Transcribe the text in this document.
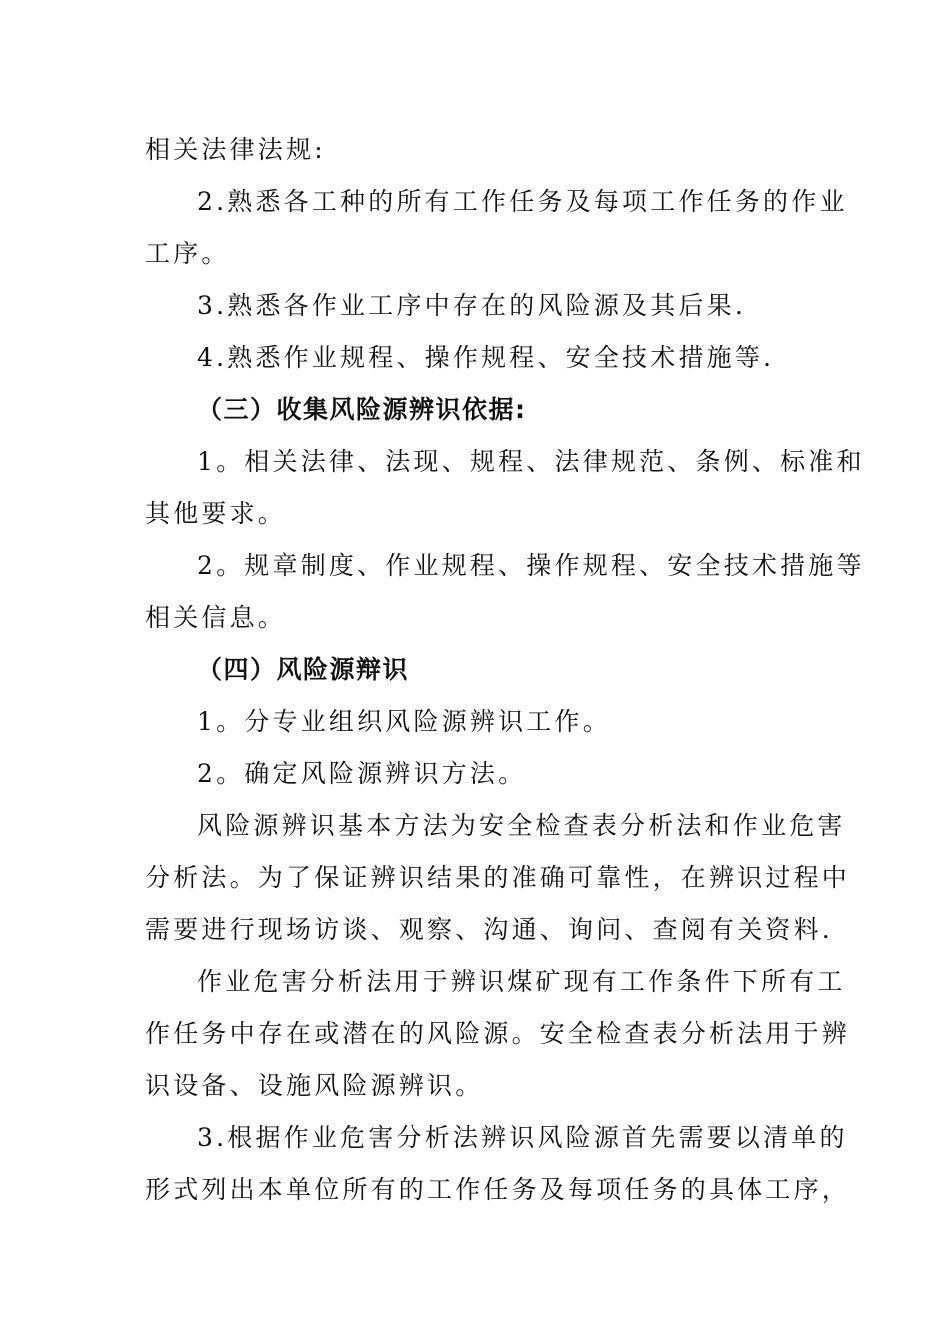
相关法律法规:
2.熟悉各工种的所有工作任务及每项工作任务的作业
工序。
3.熟悉各作业工序中存在的风险源及其后果.
4.熟悉作业规程、操作规程、安全技术措施等.
（三）收集风险源辨识依据:
1。相关法律、法现、规程、法律规范、条例、标准和
其他要求。
2。规章制度、作业规程、操作规程、安全技术措施等
相关信息。
（四）风险源辩识
1。分专业组织风险源辨识工作。
2。确定风险源辨识方法。
风险源辨识基本方法为安全检查表分析法和作业危害
分析法。为了保证辨识结果的准确可靠性，在辨识过程中
需要进行现场访谈、观察、沟通、询问、查阅有关资料.
作业危害分析法用于辨识煤矿现有工作条件下所有工
作任务中存在或潜在的风险源。安全检查表分析法用于辨
识设备、设施风险源辨识。
3.根据作业危害分析法辨识风险源首先需要以清单的
形式列出本单位所有的工作任务及每项任务的具体工序，
